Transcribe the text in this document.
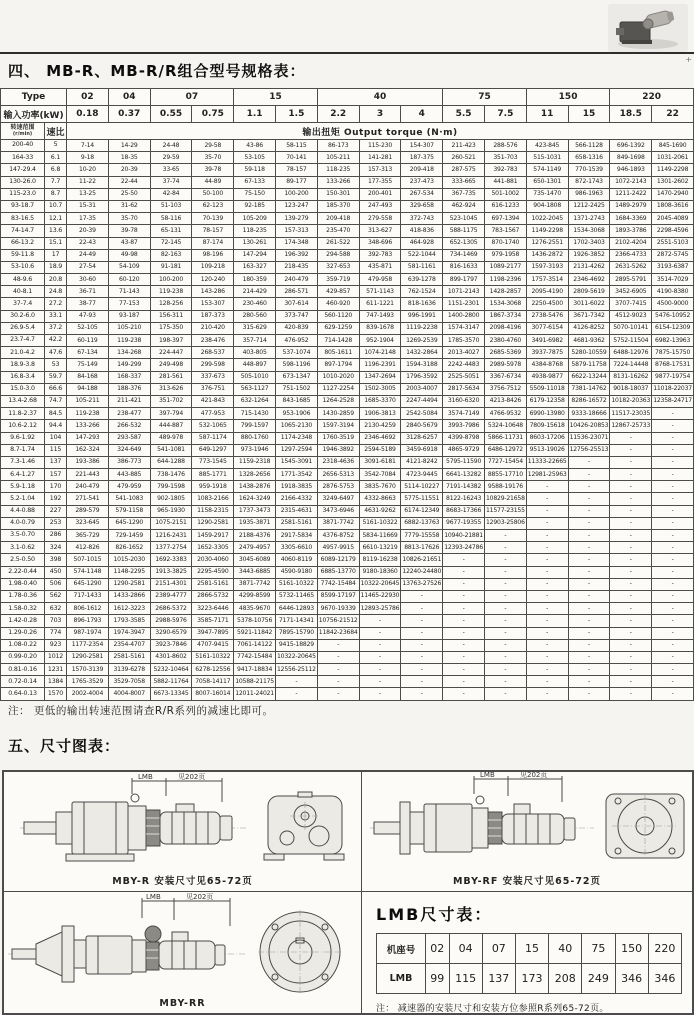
+
四、 MB-R、MB-R/R组合型号规格表：
Type		02	04	07		15		40			75		150		220	
输入功率(kW)		0.18	0.37	0.55	0.75	1.1	1.5	2.2	3	4	5.5	7.5	11	15	18.5	22

转速范围
(r/min)	速比	输出扭矩 Output torque (N·m)														
200-40	5	7-14	14-29	24-48	29-58	43-86	58-115	86-173	115-230	154-307	211-423	288-576	423-845	566-1128	696-1392	845-1690
164-33	6.1	9-18	18-35	29-59	35-70	53-105	70-141	105-211	141-281	187-375	260-521	351-703	515-1031	658-1316	849-1698	1031-2061
147-29.4	6.8	10-20	20-39	33-65	39-78	59-118	78-157	118-235	157-313	209-418	287-575	392-783	574-1149	770-1539	946-1893	1149-2298
130-26.0	7.7	11-22	22-44	37-74	44-89	67-133	89-177	133-266	177-355	237-473	333-665	441-881	650-1301	872-1743	1072-2143	1301-2602
115-23.0	8.7	13-25	25-50	42-84	50-100	75-150	100-200	150-301	200-401	267-534	367-735	501-1002	735-1470	986-1963	1211-2422	1470-2940
93-18.7	10.7	15-31	31-62	51-103	62-123	92-185	123-247	185-370	247-493	329-658	462-924	616-1233	904-1808	1212-2425	1489-2979	1808-3616
83-16.5	12.1	17-35	35-70	58-116	70-139	105-209	139-279	209-418	279-558	372-743	523-1045	697-1394	1022-2045	1371-2743	1684-3369	2045-4089
74-14.7	13.6	20-39	39-78	65-131	78-157	118-235	157-313	235-470	313-627	418-836	588-1175	783-1567	1149-2298	1534-3068	1893-3786	2298-4596
66-13.2	15.1	22-43	43-87	72-145	87-174	130-261	174-348	261-522	348-696	464-928	652-1305	870-1740	1276-2551	1702-3403	2102-4204	2551-5103
59-11.8	17	24-49	49-98	82-163	98-196	147-294	196-392	294-588	392-783	522-1044	734-1469	979-1958	1436-2872	1926-3852	2366-4733	2872-5745
53-10.6	18.9	27-54	54-109	91-181	109-218	163-327	218-435	327-653	435-871	581-1161	816-1633	1089-2177	1597-3193	2131-4262	2631-5262	3193-6387
48-9.6	20.8	30-60	60-120	100-200	120-240	180-359	240-479	359-719	479-958	639-1278	899-1797	1198-2396	1757-3514	2346-4692	2895-5791	3514-7029
40-8.1	24.8	36-71	71-143	119-238	143-286	214-429	286-571	429-857	571-1143	762-1524	1071-2143	1428-2857	2095-4190	2809-5619	3452-6905	4190-8380
37-7.4	27.2	38-77	77-153	128-256	153-307	230-460	307-614	460-920	611-1221	818-1636	1151-2301	1534-3068	2250-4500	3011-6022	3707-7415	4500-9000
30.2-6.0	33.1	47-93	93-187	156-311	187-373	280-560	373-747	560-1120	747-1493	996-1991	1400-2800	1867-3734	2738-5476	3671-7342	4512-9023	5476-10952
26.9-5.4	37.2	52-105	105-210	175-350	210-420	315-629	420-839	629-1259	839-1678	1119-2238	1574-3147	2098-4196	3077-6154	4126-8252	5070-10141	6154-12309
23.7-4.7	42.2	60-119	119-238	198-397	238-476	357-714	476-952	714-1428	952-1904	1269-2539	1785-3570	2380-4760	3491-6982	4681-9362	5752-11504	6982-13963
21.0-4.2	47.6	67-134	134-268	224-447	268-537	403-805	537-1074	805-1611	1074-2148	1432-2864	2013-4027	2685-5369	3937-7875	5280-10559	6488-12976	7875-15750
18.9-3.8	53	75-149	149-299	249-498	299-598	448-897	598-1196	897-1794	1196-2391	1594-3188	2242-4483	2989-5978	4384-8768	5879-11758	7224-14448	8768-17531
16.8-3.4	59.7	84-168	168-337	281-561	337-673	505-1010	673-1347	1010-2020	1347-2694	1796-3592	2525-5051	3367-6734	4938-9877	6622-13244	8131-16262	9877-19754
15.0-3.0	66.6	94-188	188-376	313-626	376-751	563-1127	751-1502	1127-2254	1502-3005	2003-4007	2817-5634	3756-7512	5509-11018	7381-14762	9018-18037	11018-22037
13.4-2.68	74.7	105-211	211-421	351-702	421-843	632-1264	843-1685	1264-2528	1685-3370	2247-4494	3160-6320	4213-8426	6179-12358	8286-16572	10182-20363	12358-24717
11.8-2.37	84.5	119-238	238-477	397-794	477-953	715-1430	953-1906	1430-2859	1906-3813	2542-5084	3574-7149	4766-9532	6990-13980	9333-18666	11517-23035	-
10.6-2.12	94.4	133-266	266-532	444-887	532-1065	799-1597	1065-2130	1597-3194	2130-4259	2840-5679	3993-7986	5324-10648	7809-15618	10426-20853	12867-25733	-
9.6-1.92	104	147-293	293-587	489-978	587-1174	880-1760	1174-2348	1760-3519	2346-4692	3128-6257	4399-8798	5866-11731	8603-17206	11536-23071	-	-
8.7-1.74	115	162-324	324-649	541-1081	649-1297	973-1946	1297-2594	1946-3892	2594-5189	3459-6918	4865-9729	6486-12972	9513-19026	12756-25513	-	-
7.3-1.46	137	193-386	386-773	644-1288	773-1545	1159-2318	1545-3091	2318-4636	3091-6181	4121-8242	5795-11590	7727-15454	11333-22665	-	-	-
6.4-1.27	157	221-443	443-885	738-1476	885-1771	1328-2656	1771-3542	2656-5313	3542-7084	4723-9445	6641-13282	8855-17710	12981-25963	-	-	-
5.9-1.18	170	240-479	479-959	799-1598	959-1918	1438-2876	1918-3835	2876-5753	3835-7670	5114-10227	7191-14382	9588-19176	-	-	-	-
5.2-1.04	192	271-541	541-1083	902-1805	1083-2166	1624-3249	2166-4332	3249-6497	4332-8663	5775-11551	8122-16243	10829-21658	-	-	-	-
4.4-0.88	227	289-579	579-1158	965-1930	1158-2315	1737-3473	2315-4631	3473-6946	4631-9262	6174-12349	8683-17366	11577-23155	-	-	-	-
4.0-0.79	253	323-645	645-1290	1075-2151	1290-2581	1935-3871	2581-5161	3871-7742	5161-10322	6882-13763	9677-19355	12903-25806	-	-	-	-
3.5-0.70	286	365-729	729-1459	1216-2431	1459-2917	2188-4376	2917-5834	4376-8752	5834-11669	7779-15558	10940-21881	-	-	-	-	-
3.1-0.62	324	412-826	826-1652	1377-2754	1652-3305	2479-4957	3305-6610	4957-9915	6610-13219	8813-17626	12393-24786	-	-	-	-	-
2.5-0.50	398	507-1015	1015-2030	1692-3383	2030-4060	3045-6089	4060-8119	6089-12179	8119-16238	10826-21651	-	-	-	-	-	-
2.22-0.44	450	574-1148	1148-2295	1913-3825	2295-4590	3443-6885	4590-9180	6885-13770	9180-18360	12240-24480	-	-	-	-	-	-
1.98-0.40	506	645-1290	1290-2581	2151-4301	2581-5161	3871-7742	5161-10322	7742-15484	10322-20645	13763-27526	-	-	-	-	-	-
1.78-0.36	562	717-1433	1433-2866	2389-4777	2866-5732	4299-8599	5732-11465	8599-17197	11465-22930	-	-	-	-	-	-	-
1.58-0.32	632	806-1612	1612-3223	2686-5372	3223-6446	4835-9670	6446-12893	9670-19339	12893-25786	-	-	-	-	-	-	-
1.42-0.28	703	896-1793	1793-3585	2988-5976	3585-7171	5378-10756	7171-14341	10756-21512	-	-	-	-	-	-	-	-
1.29-0.26	774	987-1974	1974-3947	3290-6579	3947-7895	5921-11842	7895-15790	11842-23684	-	-	-	-	-	-	-	-
1.08-0.22	923	1177-2354	2354-4707	3923-7846	4707-9415	7061-14122	9415-18829	-	-	-	-	-	-	-	-	-
0.99-0.20	1012	1290-2581	2581-5161	4301-8602	5161-10322	7742-15484	10322-20645	-	-	-	-	-	-	-	-	-
0.81-0.16	1231	1570-3139	3139-6278	5232-10464	6278-12556	9417-18834	12556-25112	-	-	-	-	-	-	-	-	-
0.72-0.14	1384	1765-3529	3529-7058	5882-11764	7058-14117	10588-21175	-	-	-	-	-	-	-	-	-	-
0.64-0.13	1570	2002-4004	4004-8007	6673-13345	8007-16014	12011-24021	-	-	-	-	-	-	-	-	-	-
注： 更低的输出转速范围请查R/R系列的减速比即可。
五、尺寸图表：
LMB	见202页
MBY-R 安装尺寸见65-72页
LMB	见202页
MBY-RF 安装尺寸见65-72页
LMB	见202页
MBY-RR
LMB尺寸表：
机座号	02	04	07	15	40	75	150	220
LMB	99	115	137	173	208	249	346	346
注： 减速器的安装尺寸和安装方位参照R系列65-72页。
